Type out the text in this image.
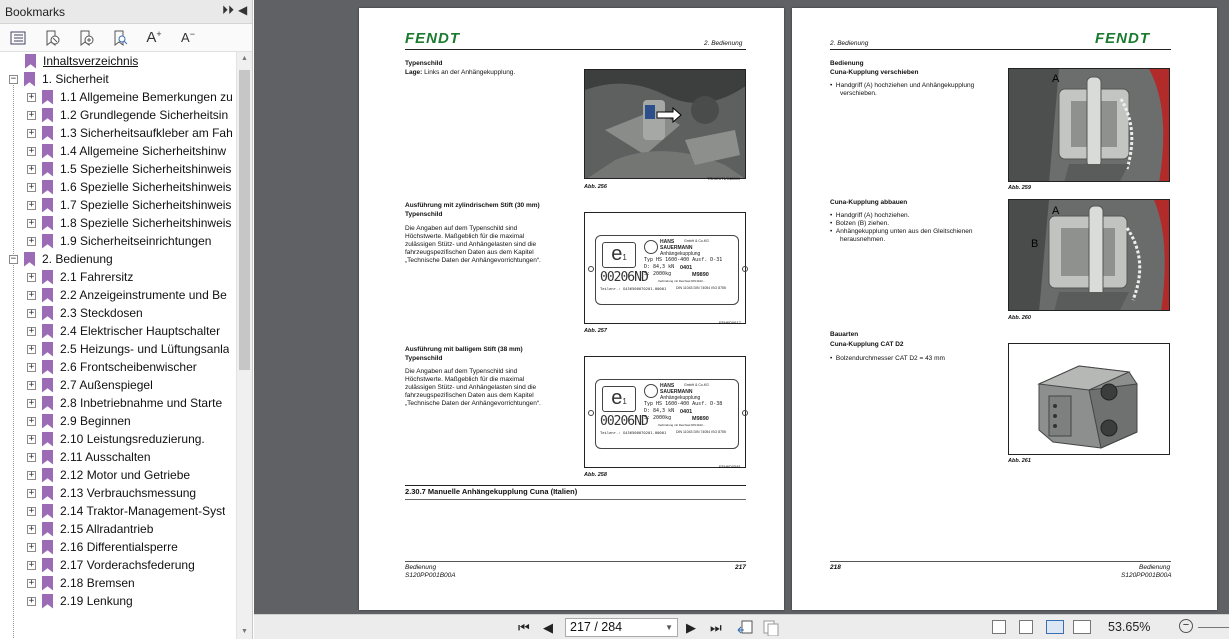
Bookmarks	⏵⏵ ◀
A + A −
Inhaltsverzeichnis
− 1. Sicherheit
+ 1.1 Allgemeine Bemerkungen zu
+ 1.2 Grundlegende Sicherheitsin
+ 1.3 Sicherheitsaufkleber am Fah
+ 1.4 Allgemeine Sicherheitshinw
+ 1.5 Spezielle Sicherheitshinweis
+ 1.6 Spezielle Sicherheitshinweis
+ 1.7 Spezielle Sicherheitshinweis
+ 1.8 Spezielle Sicherheitshinweis
+ 1.9 Sicherheitseinrichtungen
− 2. Bedienung
+ 2.1 Fahrersitz
+ 2.2 Anzeigeinstrumente und Be
+ 2.3 Steckdosen
+ 2.4 Elektrischer Hauptschalter
+ 2.5 Heizungs- und Lüftungsanla
+ 2.6 Frontscheibenwischer
+ 2.7 Außenspiegel
+ 2.8 Inbetriebnahme und Starte
+ 2.9 Beginnen
+ 2.10 Leistungsreduzierung.
+ 2.11 Ausschalten
+ 2.12 Motor und Getriebe
+ 2.13 Verbrauchsmessung
+ 2.14 Traktor-Management-Syst
+ 2.15 Allradantrieb
+ 2.16 Differentialsperre
+ 2.17 Vorderachsfederung
+ 2.18 Bremsen
+ 2.19 Lenkung
▲
▼
FENDT	2. Bedienung
Typenschild
Lage: Links an der Anhängekupplung.
Abb. 256
TRK/E0T1/048001
Ausführung mit zylindrischem Stift (30 mm)
Typenschild
Die Angaben auf dem Typenschild sind
Höchstwerte. Maßgeblich für die maximal
zulässigen Stütz- und Anhängelasten sind die
fahrzeugspezifischen Daten aus dem Kapitel
„Technische Daten der Anhängevorrichtungen“.	e1
HANS
SAUERMANN
GmbH & Co.KG
Anhängekupplung
Typ HS 1600-400 Ausf. D-31
D: 84,3 kN
S: 2000kg
0401
M9890
00206ND	Verbindung mit Deichsel DIN1102...
Teilenr.: G436500070201.00001	DIN 11043 DIN 74054 ISO 8755
Abb. 257
FFH6D0617
Ausführung mit balligem Stift (38 mm)
Typenschild
Die Angaben auf dem Typenschild sind
Höchstwerte. Maßgeblich für die maximal
zulässigen Stütz- und Anhängelasten sind die
fahrzeugspezifischen Daten aus dem Kapitel
„Technische Daten der Anhängevorrichtungen“.	e1
HANS
SAUERMANN
GmbH & Co.KG
Anhängekupplung
Typ HS 1600-400 Ausf. D-38
D: 84,3 kN
S: 2000kg
0401
M9890
00206ND	Verbindung mit Deichsel DIN1102...
Teilenr.: G436500070201.00001	DIN 11043 DIN 74054 ISO 8755
Abb. 258
FFH6D0581
2.30.7 Manuelle Anhängekupplung Cuna (Italien)
Bedienung
S120PP001B00A
217
2. Bedienung	FENDT
Bedienung
Cuna-Kupplung verschieben
•  Handgriff (A) hochziehen und Anhängekupplung
verschieben.
A
Abb. 259
Cuna-Kupplung abbauen
•  Handgriff (A) hochziehen.
•  Bolzen (B) ziehen.
•  Anhängekupplung unten aus den Gleitschienen
herausnehmen.
A
B
Abb. 260
Bauarten
Cuna-Kupplung CAT D2
•  Bolzendurchmesser CAT D2 = 43 mm
Abb. 261
218	Bedienung
S120PP001B00A
⏮ ◀	217 / 284	▼ ▶ ⏭	53.65%	−
